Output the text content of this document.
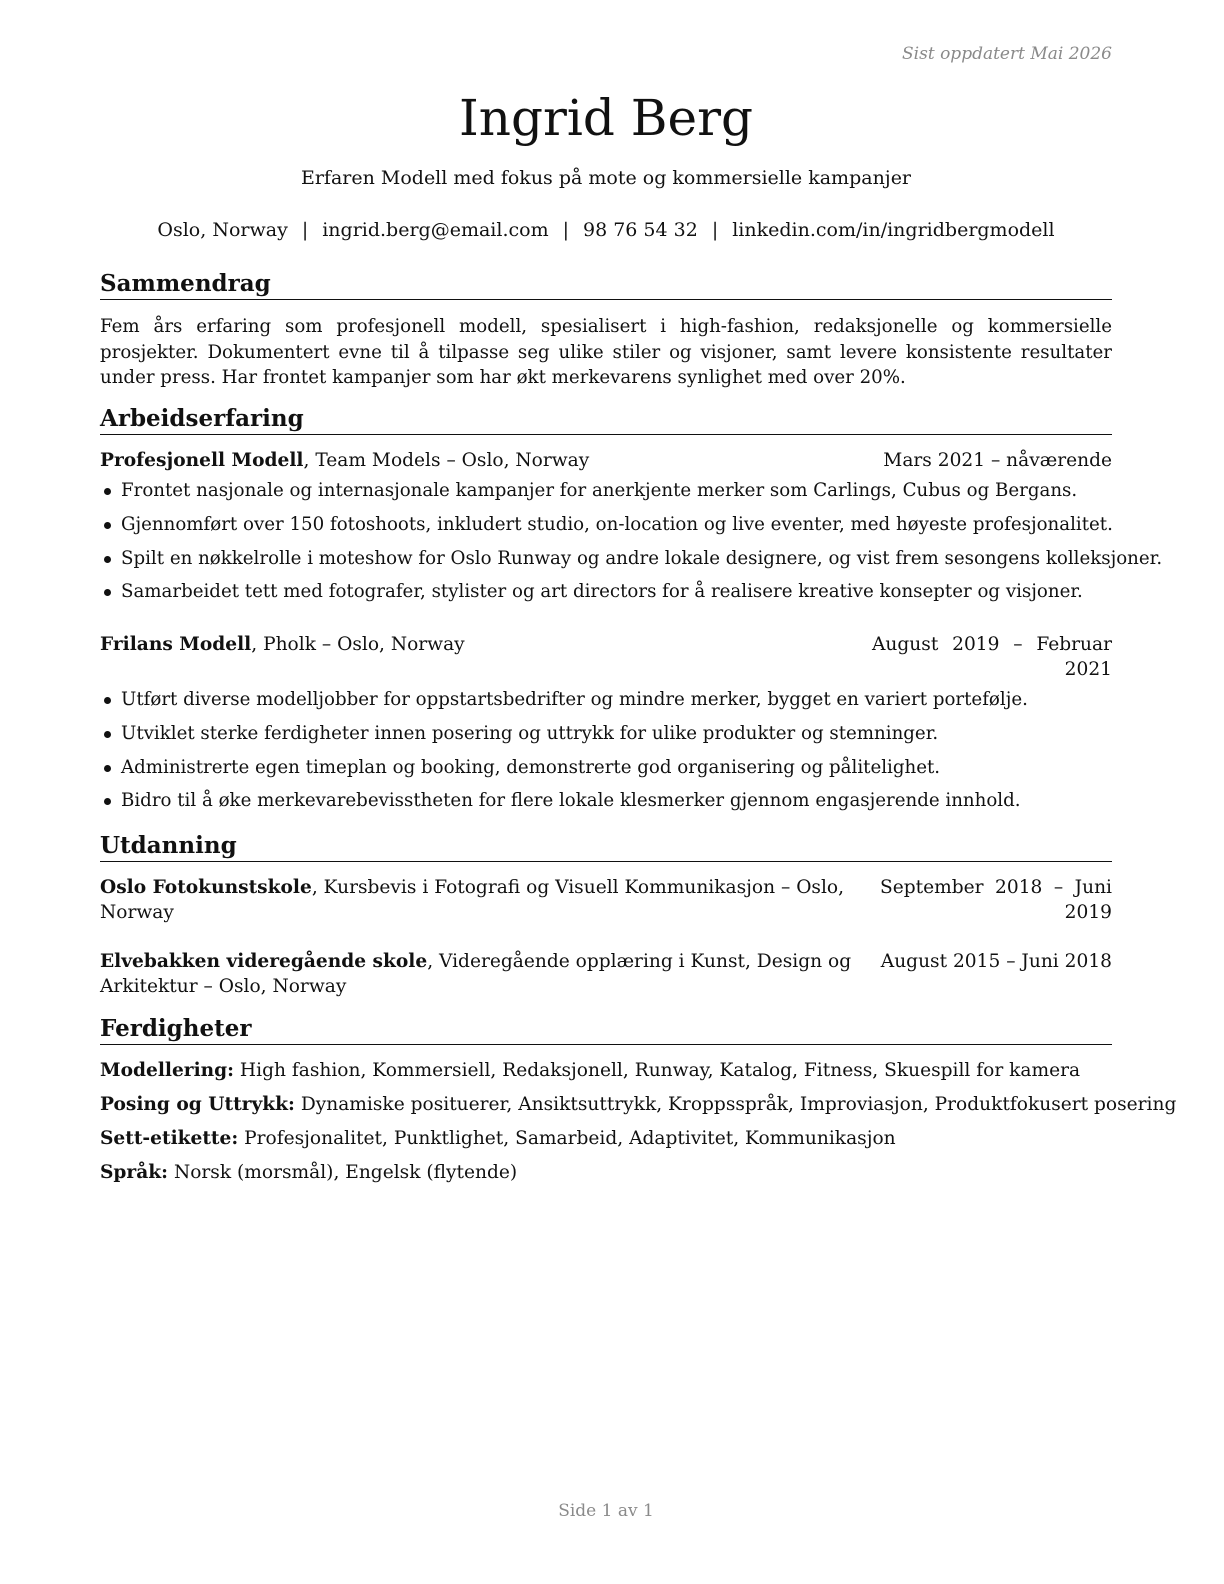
Sist oppdatert Mai 2026
Ingrid Berg
Erfaren Modell med fokus på mote og kommersielle kampanjer
Oslo, Norway | ingrid.berg@email.com | 98 76 54 32 | linkedin.com/in/ingridbergmodell
Sammendrag

Fem års erfaring som profesjonell modell, spesialisert i high-fashion, redaksjonelle og kommersielle prosjekter. Dokumentert evne til å tilpasse seg ulike stiler og visjoner, samt levere konsistente resultater under press. Har frontet kampanjer som har økt merkevarens synlighet med over 20%.

Arbeidserfaring
Profesjonell Modell, Team Models – Oslo, Norway	Mars 2021 – nåværende
Frontet nasjonale og internasjonale kampanjer for anerkjente merker som Carlings, Cubus og Bergans.
Gjennomført over 150 fotoshoots, inkludert studio, on-location og live eventer, med høyeste profesjonalitet.
Spilt en nøkkelrolle i moteshow for Oslo Runway og andre lokale designere, og vist frem sesongens kolleksjoner.
Samarbeidet tett med fotografer, stylister og art directors for å realisere kreative konsepter og visjoner.
Frilans Modell, Pholk – Oslo, Norway	August 2019 – Februar 2021
Utført diverse modelljobber for oppstartsbedrifter og mindre merker, bygget en variert portefølje.
Utviklet sterke ferdigheter innen posering og uttrykk for ulike produkter og stemninger.
Administrerte egen timeplan og booking, demonstrerte god organisering og pålitelighet.
Bidro til å øke merkevarebevisstheten for flere lokale klesmerker gjennom engasjerende innhold.
Utdanning
Oslo Fotokunstskole, Kursbevis i Fotografi og Visuell Kommunikasjon – Oslo, Norway
September 2018 – Juni 2019
Elvebakken videregående skole, Videregående opplæring i Kunst, Design og Arkitektur – Oslo, Norway
August 2015 – Juni 2018
Ferdigheter
Modellering: High fashion, Kommersiell, Redaksjonell, Runway, Katalog, Fitness, Skuespill for kamera
Posing og Uttrykk: Dynamiske posituerer, Ansiktsuttrykk, Kroppsspråk, Improviasjon, Produktfokusert posering
Sett-etikette: Profesjonalitet, Punktlighet, Samarbeid, Adaptivitet, Kommunikasjon
Språk: Norsk (morsmål), Engelsk (flytende)
Side 1 av 1
